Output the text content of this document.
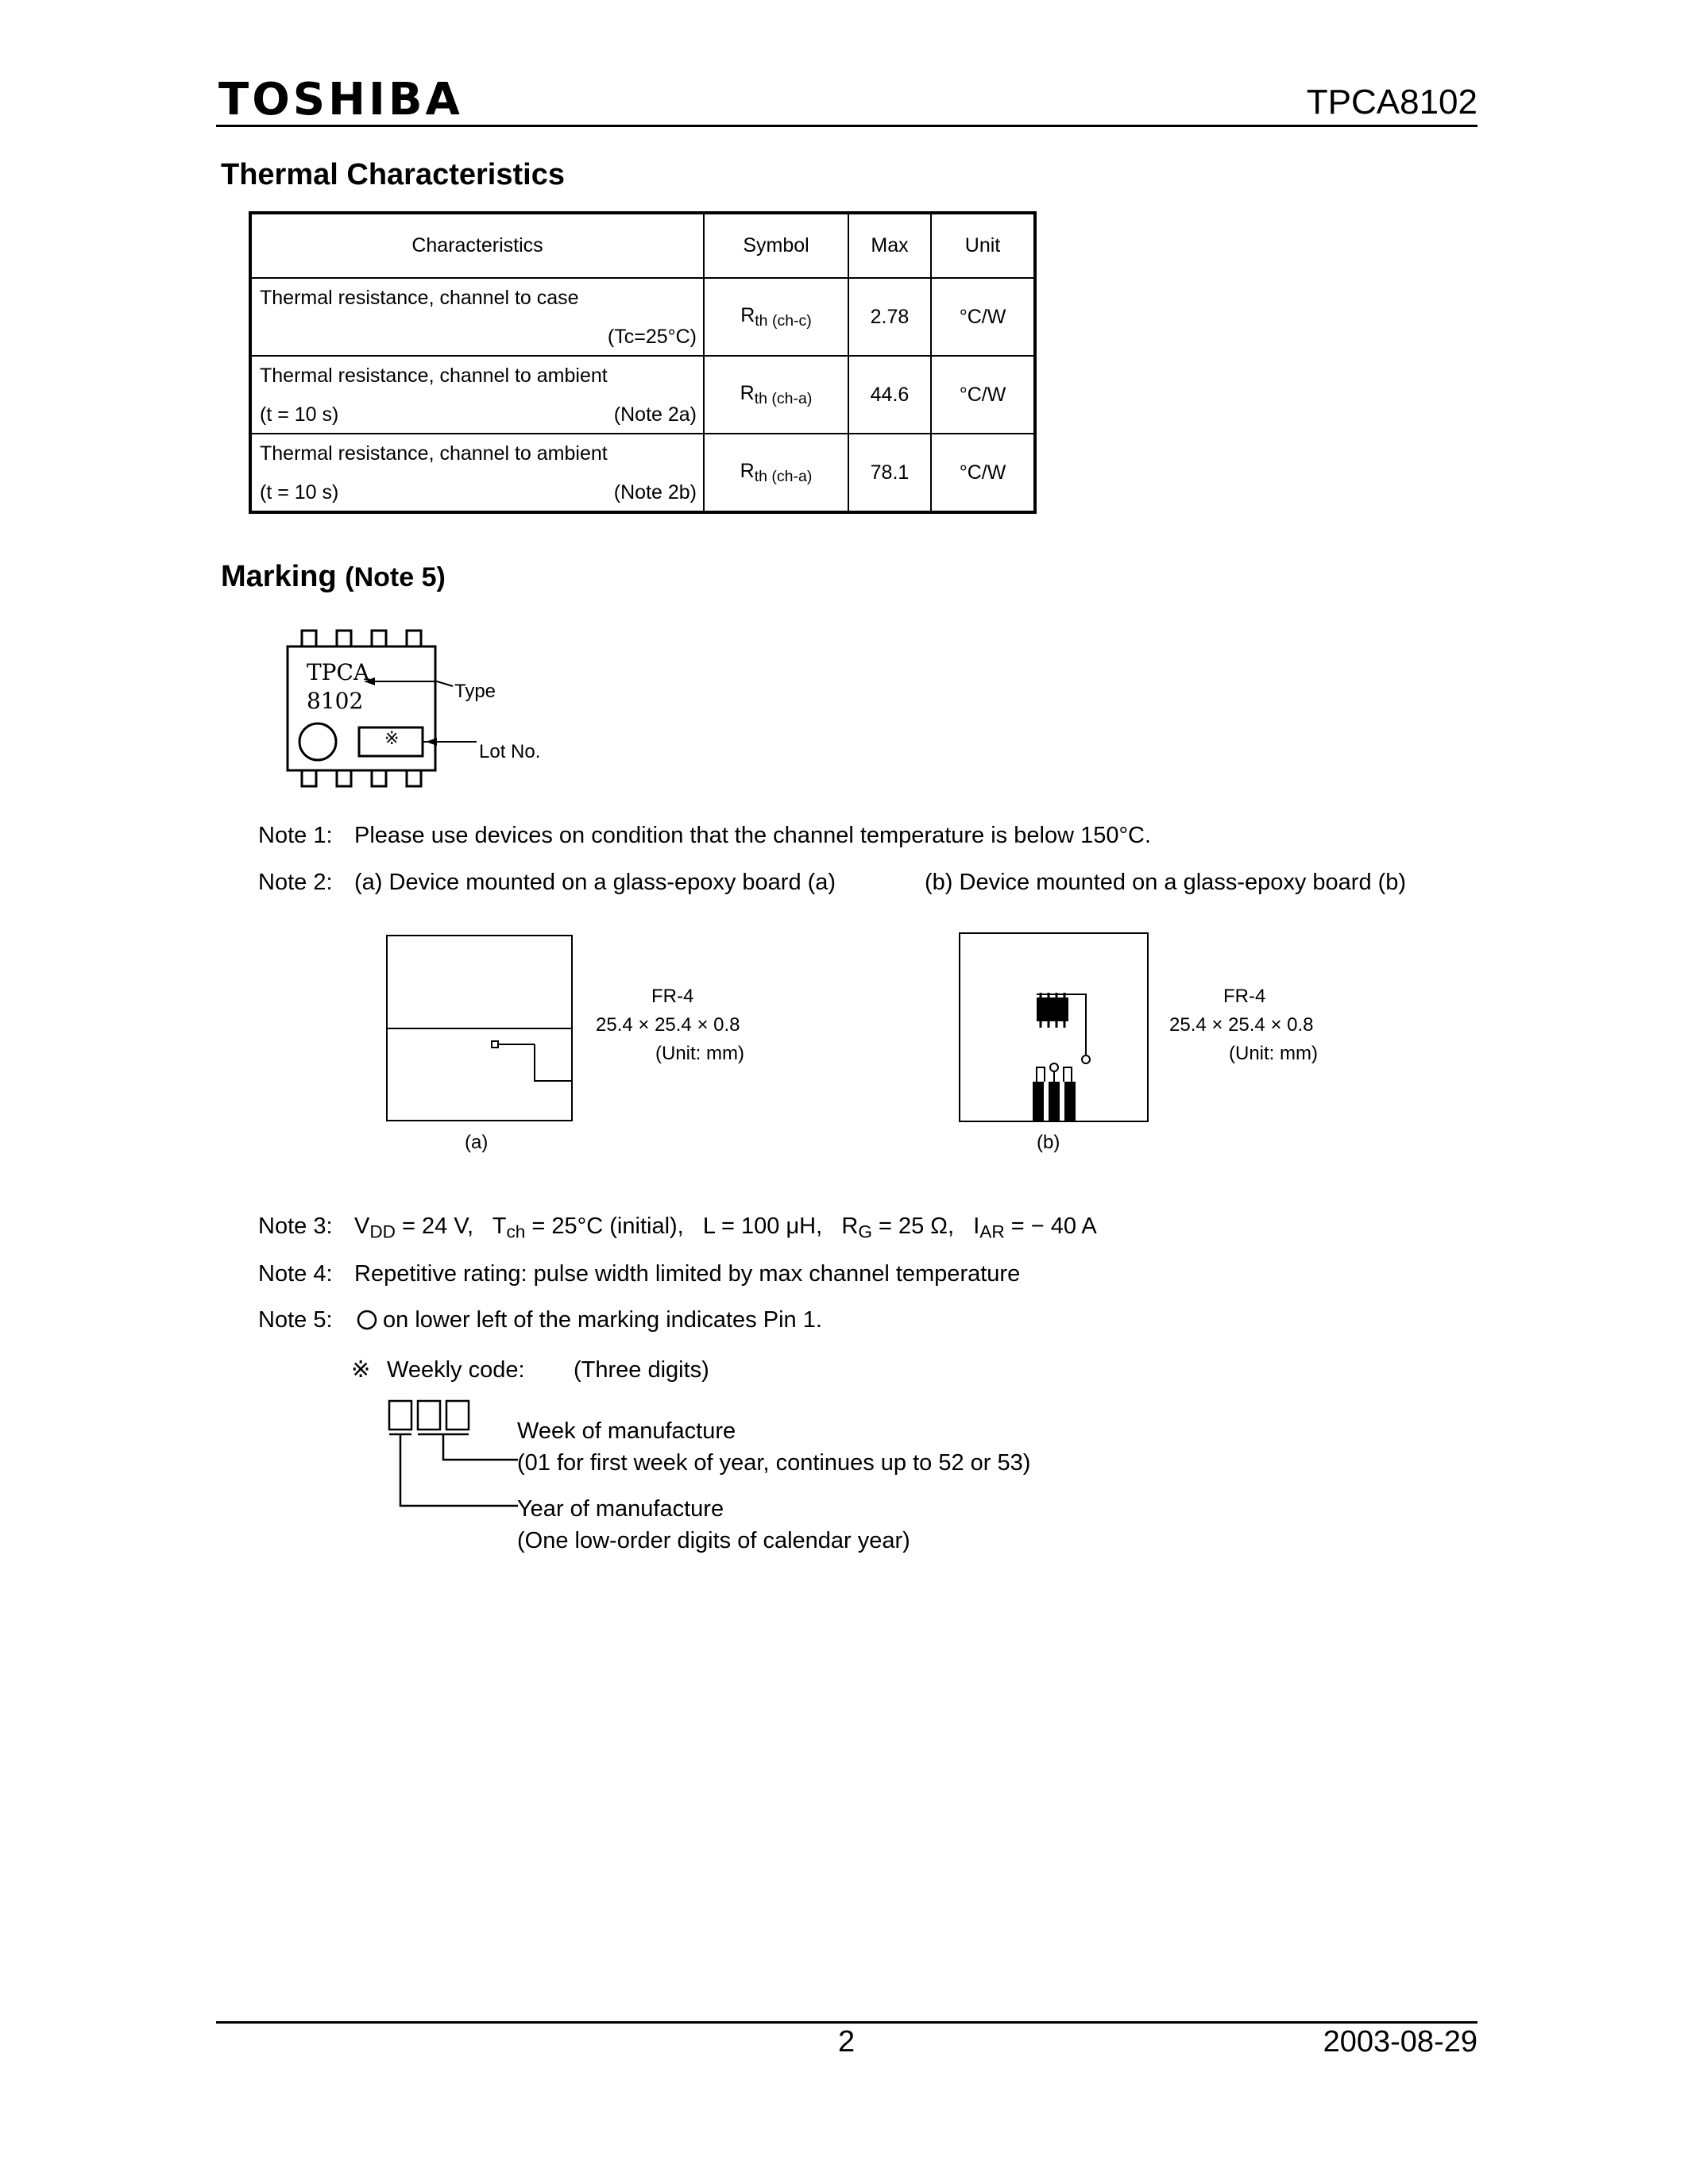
TOSHIBA	TPCA8102
Thermal Characteristics
Characteristics	Symbol	Max	Unit

Thermal resistance, channel to case
(Tc=25°C)	$R_{th (ch-c)}$	2.78	°C/W

Thermal resistance, channel to ambient
(t = 10 s) (Note 2a)	$R_{th (ch-a)}$	44.6	°C/W

Thermal resistance, channel to ambient
(t = 10 s) (Note 2b)	$R_{th (ch-a)}$	78.1	°C/W
Marking (Note 5)
TPCA
8102
※
Type
Lot No.
Note 1: Please use devices on condition that the channel temperature is below 150°C.
Note 2: (a) Device mounted on a glass-epoxy board (a)	(b) Device mounted on a glass-epoxy board (b)
FR-4
25.4 × 25.4 × 0.8
(Unit: mm)
(a)
FR-4
25.4 × 25.4 × 0.8
(Unit: mm)
(b)
Note 3: $V_{DD} = 24$ V, $T_{ch} = 25^\circ C$ (initial), L = 100 μH, $R_G = 25$ Ω, $I_{AR}$ = − 40 A
Note 4: Repetitive rating: pulse width limited by max channel temperature
Note 5: on lower left of the marking indicates Pin 1.
※ Weekly code: (Three digits)
Week of manufacture
(01 for first week of year, continues up to 52 or 53)
Year of manufacture
(One low-order digits of calendar year)
2	2003-08-29
